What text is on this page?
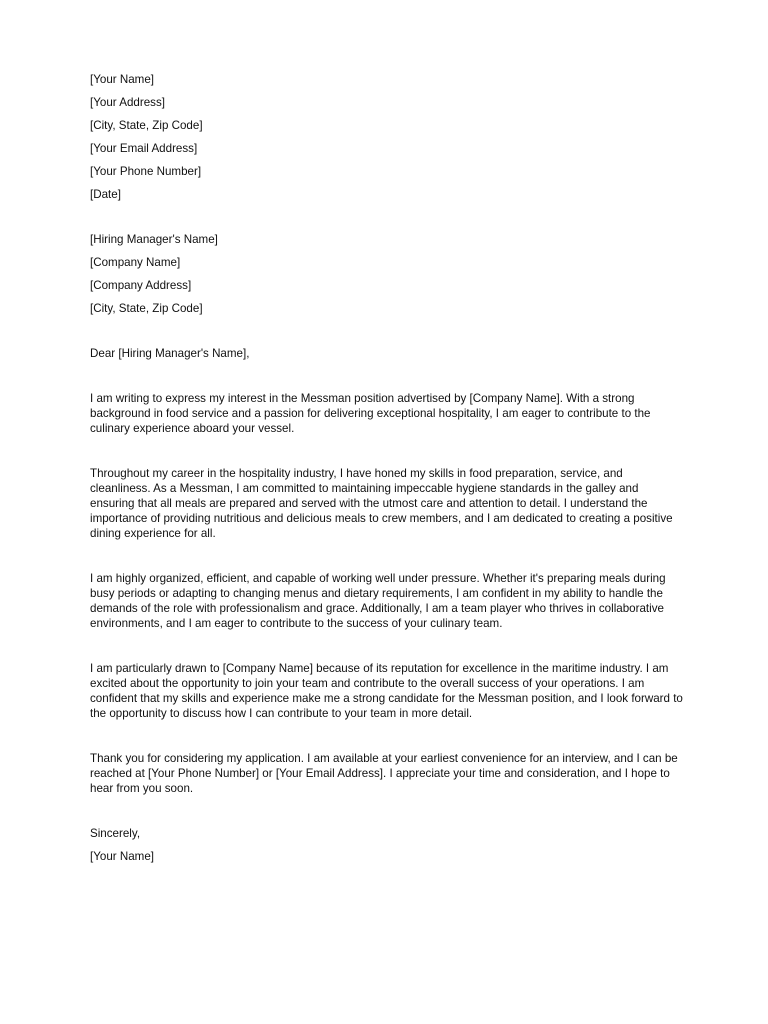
[Your Name]
[Your Address]
[City, State, Zip Code]
[Your Email Address]
[Your Phone Number]
[Date]
[Hiring Manager's Name]
[Company Name]
[Company Address]
[City, State, Zip Code]
Dear [Hiring Manager's Name],

I am writing to express my interest in the Messman position advertised by [Company Name]. With a strong background in food service and a passion for delivering exceptional hospitality, I am eager to contribute to the culinary experience aboard your vessel.

Throughout my career in the hospitality industry, I have honed my skills in food preparation, service, and cleanliness. As a Messman, I am committed to maintaining impeccable hygiene standards in the galley and ensuring that all meals are prepared and served with the utmost care and attention to detail. I understand the importance of providing nutritious and delicious meals to crew members, and I am dedicated to creating a positive dining experience for all.

I am highly organized, efficient, and capable of working well under pressure. Whether it's preparing meals during busy periods or adapting to changing menus and dietary requirements, I am confident in my ability to handle the demands of the role with professionalism and grace. Additionally, I am a team player who thrives in collaborative environments, and I am eager to contribute to the success of your culinary team.

I am particularly drawn to [Company Name] because of its reputation for excellence in the maritime industry. I am excited about the opportunity to join your team and contribute to the overall success of your operations. I am confident that my skills and experience make me a strong candidate for the Messman position, and I look forward to the opportunity to discuss how I can contribute to your team in more detail.

Thank you for considering my application. I am available at your earliest convenience for an interview, and I can be reached at [Your Phone Number] or [Your Email Address]. I appreciate your time and consideration, and I hope to hear from you soon.

Sincerely,
[Your Name]
